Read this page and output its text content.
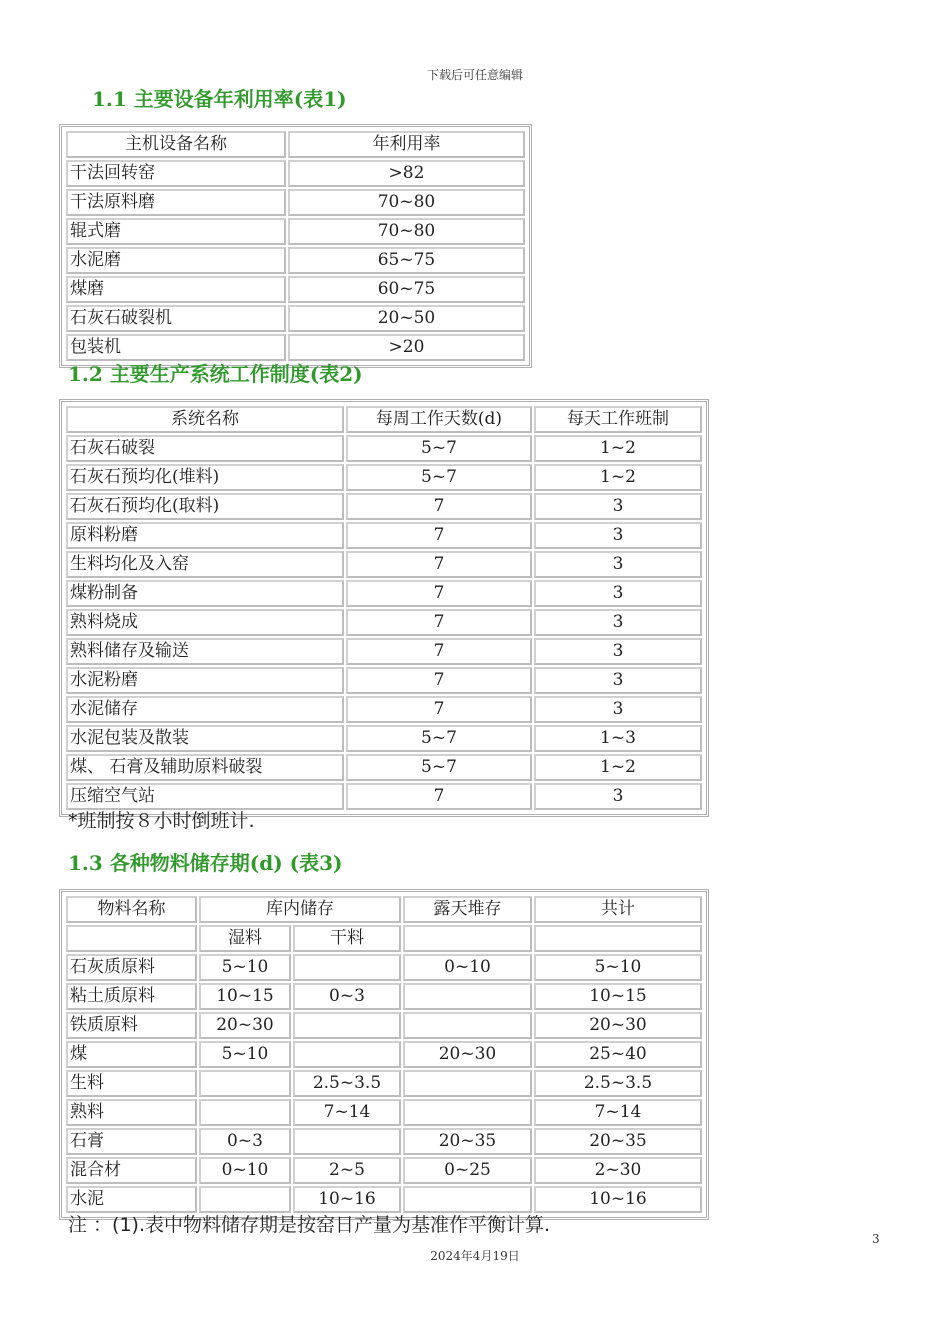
下载后可任意编辑
1.1 主要设备年利用率(表1)
主机设备名称	年利用率
干法回转窑	>82
干法原料磨	70~80
辊式磨	70~80
水泥磨	65~75
煤磨	60~75
石灰石破裂机	20~50
包装机	>20
1.2 主要生产系统工作制度(表2)
系统名称	每周工作天数(d)	每天工作班制
石灰石破裂	5~7	1~2
石灰石预均化(堆料)	5~7	1~2
石灰石预均化(取料)	7	3
原料粉磨	7	3
生料均化及入窑	7	3
煤粉制备	7	3
熟料烧成	7	3
熟料储存及输送	7	3
水泥粉磨	7	3
水泥储存	7	3
水泥包装及散装	5~7	1~3
煤、 石膏及辅助原料破裂	5~7	1~2
压缩空气站	7	3
*班制按８小时倒班计.
1.3 各种物料储存期(d) (表3)
物料名称	库内储存		露天堆存	共计
	湿料	干料		
石灰质原料	5~10		0~10	5~10
粘土质原料	10~15	0~3		10~15
铁质原料	20~30			20~30
煤	5~10		20~30	25~40
生料		2.5~3.5		2.5~3.5
熟料		7~14		7~14
石膏	0~3		20~35	20~35
混合材	0~10	2~5	0~25	2~30
水泥		10~16		10~16
注 ：(1).表中物料储存期是按窑日产量为基准作平衡计算.
3
2024年4月19日
